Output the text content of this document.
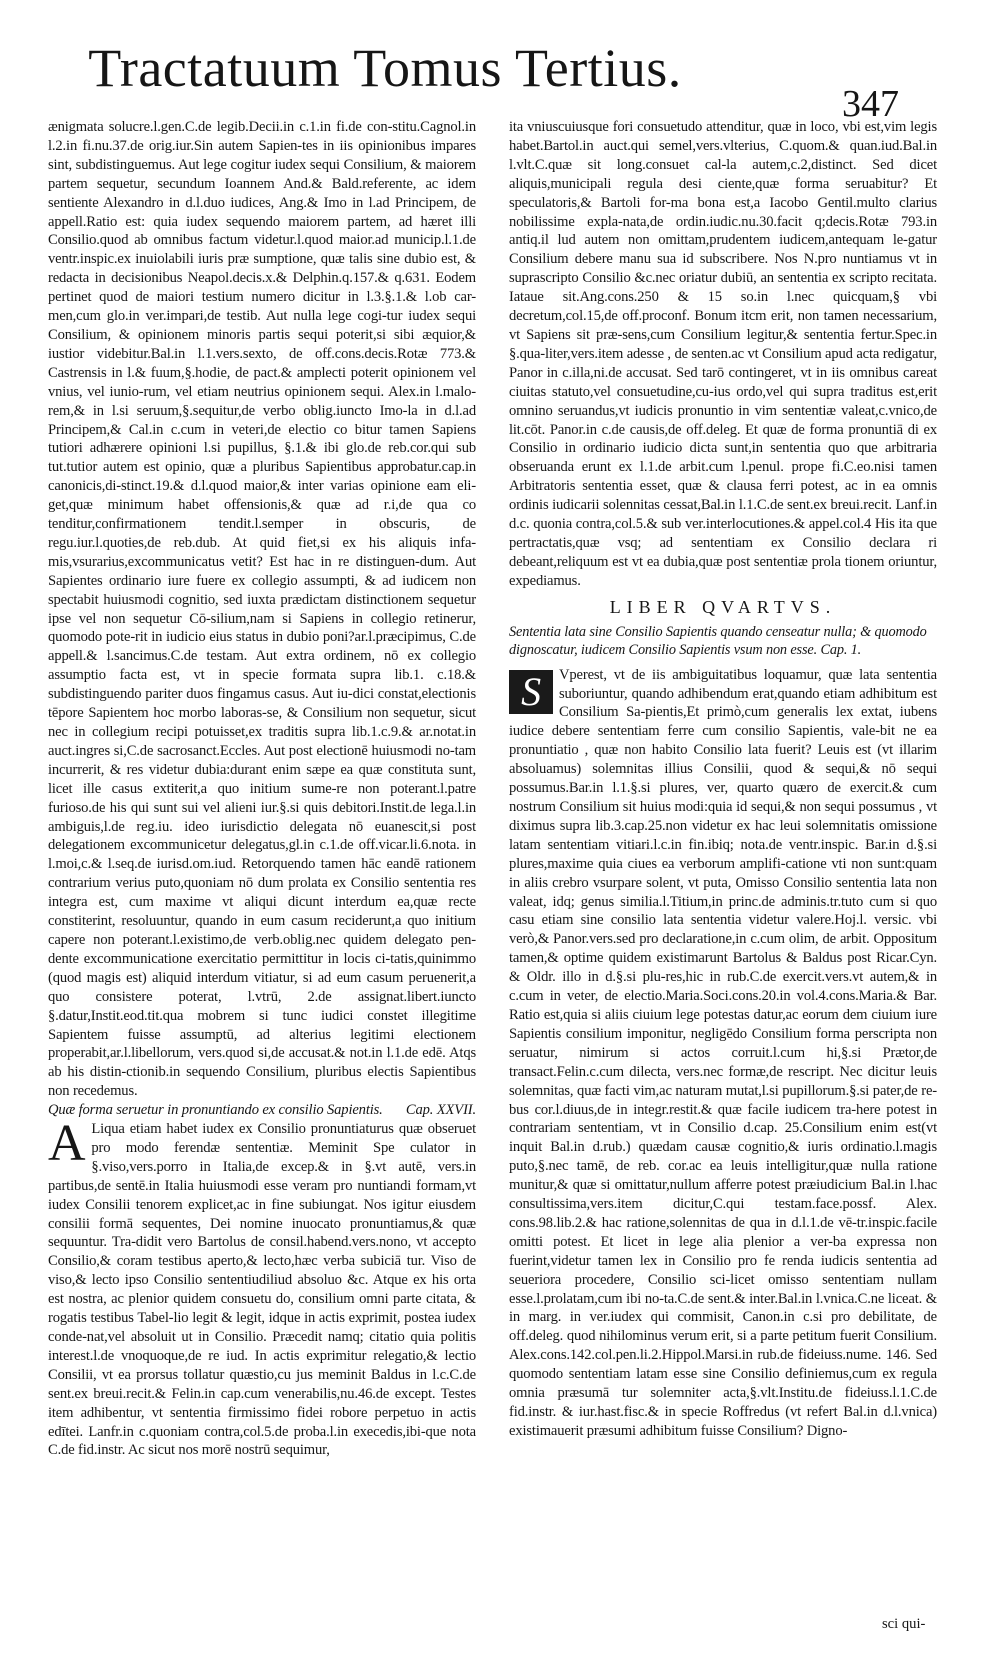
Tractatuum Tomus Tertius.
347

ænigmata solucre.l.gen.C.de legib.Decii.in c.1.in fi.de con-stitu.Cagnol.in l.2.in fi.nu.37.de orig.iur.Sin autem Sapien-tes in iis opinionibus impares sint, subdistinguemus. Aut lege cogitur iudex sequi Consilium, & maiorem partem sequetur, secundum Ioannem And.& Bald.referente, ac idem sentiente Alexandro in d.l.duo iudices, Ang.& Imo in l.ad Principem, de appell.Ratio est: quia iudex sequendo maiorem partem, ad hæret illi Consilio.quod ab omnibus factum videtur.l.quod maior.ad municip.l.1.de ventr.inspic.ex inuiolabili iuris præ sumptione, quæ talis sine dubio est, & redacta in decisionibus Neapol.decis.x.& Delphin.q.157.& q.631. Eodem pertinet quod de maiori testium numero dicitur in l.3.§.1.& l.ob car-men,cum glo.in ver.impari,de testib. Aut nulla lege cogi-tur iudex sequi Consilium, & opinionem minoris partis sequi poterit,si sibi æquior,& iustior videbitur.Bal.in l.1.vers.sexto, de off.cons.decis.Rotæ 773.& Castrensis in l.& fuum,§.hodie, de pact.& amplecti poterit opinionem vel vnius, vel iunio-rum, vel etiam neutrius opinionem sequi. Alex.in l.malo-rem,& in l.si seruum,§.sequitur,de verbo oblig.iuncto Imo-la in d.l.ad Principem,& Cal.in c.cum in veteri,de electio co bitur tamen Sapiens tutiori adhærere opinioni l.si pupillus, §.1.& ibi glo.de reb.cor.qui sub tut.tutior autem est opinio, quæ a pluribus Sapientibus approbatur.cap.in canonicis,di-stinct.19.& d.l.quod maior,& inter varias opinione eam eli-get,quæ minimum habet offensionis,& quæ ad r.i,de qua co tenditur,confirmationem tendit.l.semper in obscuris, de regu.iur.l.quoties,de reb.dub. At quid fiet,si ex his aliquis infa-mis,vsurarius,excommunicatus vetit? Est hac in re distinguen-dum. Aut Sapientes ordinario iure fuere ex collegio assumpti, & ad iudicem non spectabit huiusmodi cognitio, sed iuxta prædictam distinctionem sequetur ipse vel non sequetur Cō-silium,nam si Sapiens in collegio retinerur, quomodo pote-rit in iudicio eius status in dubio poni?ar.l.præcipimus, C.de appell.& l.sancimus.C.de testam. Aut extra ordinem, nō ex collegio assumptio facta est, vt in specie formata supra lib.1. c.18.& subdistinguendo pariter duos fingamus casus. Aut iu-dici constat,electionis tēpore Sapientem hoc morbo laboras-se, & Consilium non sequetur, sicut nec in collegium recipi potuisset,ex traditis supra lib.1.c.9.& ar.notat.in auct.ingres si,C.de sacrosanct.Eccles. Aut post electionē huiusmodi no-tam incurrerit, & res videtur dubia:durant enim sæpe ea quæ constituta sunt, licet ille casus extiterit,a quo initium sume-re non poterant.l.patre furioso.de his qui sunt sui vel alieni iur.§.si quis debitori.Instit.de lega.l.in ambiguis,l.de reg.iu. ideo iurisdictio delegata nō euanescit,si post delegationem excommunicetur delegatus,gl.in c.1.de off.vicar.li.6.nota. in l.moi,c.& l.seq.de iurisd.om.iud. Retorquendo tamen hāc eandē rationem contrarium verius puto,quoniam nō dum prolata ex Consilio sententia res integra est, cum maxime vt aliqui dicunt interdum ea,quæ recte constiterint, resoluuntur, quando in eum casum reciderunt,a quo initium capere non poterant.l.existimo,de verb.oblig.nec quidem delegato pen-dente excommunicatione exercitatio permittitur in locis ci-tatis,quinimmo (quod magis est) aliquid interdum vitiatur, si ad eum casum peruenerit,a quo consistere poterat, l.vtrū, 2.de assignat.libert.iuncto §.datur,Instit.eod.tit.qua mobrem si tunc iudici constet illegitime Sapientem fuisse assumptū, ad alterius legitimi electionem properabit,ar.l.libellorum, vers.quod si,de accusat.& not.in l.1.de edē. Atqs ab his distin-ctionib.in sequendo Consilium, pluribus electis Sapientibus non recedemus.

Quæ forma seruetur in pronuntiando ex consilio Sapientis. Cap. XXVII.

A Liqua etiam habet iudex ex Consilio pronuntiaturus quæ obseruet pro modo ferendæ sententiæ. Meminit Spe culator in §.viso,vers.porro in Italia,de excep.& in §.vt autē, vers.in partibus,de sentē.in Italia huiusmodi esse veram pro nuntiandi formam,vt iudex Consilii tenorem explicet,ac in fine subiungat. Nos igitur eiusdem consilii formā sequentes, Dei nomine inuocato pronuntiamus,& quæ sequuntur. Tra-didit vero Bartolus de consil.habend.vers.nono, vt accepto Consilio,& coram testibus aperto,& lecto,hæc verba subiciā tur. Viso de viso,& lecto ipso Consilio sententiudiliud absoluo &c. Atque ex his orta est nostra, ac plenior quidem consuetu do, consilium omni parte citata, & rogatis testibus Tabel-lio legit & legit, idque in actis exprimit, postea iudex conde-nat,vel absoluit ut in Consilio. Præcedit namq; citatio quia politis interest.l.de vnoquoque,de re iud. In actis exprimitur relegatio,& lectio Consilii, vt ea prorsus tollatur quæstio,cu jus meminit Baldus in l.c.C.de sent.ex breui.recit.& Felin.in cap.cum venerabilis,nu.46.de except. Testes item adhibentur, vt sententia firmissimo fidei robore perpetuo in actis edītei. Lanfr.in c.quoniam contra,col.5.de proba.l.in execedis,ibi-que nota C.de fid.instr. Ac sicut nos morē nostrū sequimur,

ita vniuscuiusque fori consuetudo attenditur, quæ in loco, vbi est,vim legis habet.Bartol.in auct.qui semel,vers.vlterius, C.quom.& quan.iud.Bal.in l.vlt.C.quæ sit long.consuet cal-la autem,c.2,distinct. Sed dicet aliquis,municipali regula desi ciente,quæ forma seruabitur? Et speculatoris,& Bartoli for-ma bona est,a Iacobo Gentil.multo clarius nobilissime expla-nata,de ordin.iudic.nu.30.facit q;decis.Rotæ 793.in antiq.il lud autem non omittam,prudentem iudicem,antequam le-gatur Consilium debere manu sua id subscribere. Nos N.pro nuntiamus vt in suprascripto Consilio &c.nec oriatur dubiū, an sententia ex scripto recitata. Iataue sit.Ang.cons.250 & 15 so.in l.nec quicquam,§ vbi decretum,col.15,de off.proconf. Bonum itcm erit, non tamen necessarium, vt Sapiens sit præ-sens,cum Consilium legitur,& sententia fertur.Spec.in §.qua-liter,vers.item adesse , de senten.ac vt Consilium apud acta redigatur, Panor in c.illa,ni.de accusat. Sed tarō contingeret, vt in iis omnibus careat ciuitas statuto,vel consuetudine,cu-ius ordo,vel qui supra traditus est,erit omnino seruandus,vt iudicis pronuntio in vim sententiæ valeat,c.vnico,de lit.cōt. Panor.in c.de causis,de off.deleg. Et quæ de forma pronuntiā di ex Consilio in ordinario iudicio dicta sunt,in sententia quo que arbitraria obseruanda erunt ex l.1.de arbit.cum l.penul. prope fi.C.eo.nisi tamen Arbitratoris sententia esset, quæ & clausa ferri potest, ac in ea omnis ordinis iudicarii solennitas cessat,Bal.in l.1.C.de sent.ex breui.recit. Lanf.in d.c. quonia contra,col.5.& sub ver.interlocutiones.& appel.col.4 His ita que pertractatis,quæ vsq; ad sententiam ex Consilio declara ri debeant,reliquum est vt ea dubia,quæ post sententiæ prola tionem oriuntur, expediamus.

LIBER QVARTVS.
Sententia lata sine Consilio Sapientis quando censeatur nulla; & quomodo dignoscatur, iudicem Consilio Sapientis vsum non esse. Cap. 1.

S	Vperest, vt de iis ambiguitatibus loquamur, quæ lata sententia suboriuntur, quando adhibendum erat,quando etiam adhibitum est Consilium Sa-pientis,Et primò,cum generalis lex extat, iubens iudice debere sententiam ferre cum consilio Sapientis, vale-bit ne ea pronuntiatio , quæ non habito Consilio lata fuerit? Leuis est (vt illarim absoluamus) solemnitas illius Consilii, quod & sequi,& nō sequi possumus.Bar.in l.1.§.si plures, ver, quarto quæro de exercit.& cum nostrum Consilium sit huius modi:quia id sequi,& non sequi possumus , vt diximus supra lib.3.cap.25.non videtur ex hac leui solemnitatis omissione latam sententiam vitiari.l.c.in fin.ibiq; nota.de ventr.inspic. Bar.in d.§.si plures,maxime quia ciues ea verborum amplifi-catione vti non sunt:quam in aliis crebro vsurpare solent, vt puta, Omisso Consilio sententia lata non valeat, idq; genus similia.l.Titium,in princ.de adminis.tr.tuto cum si quo casu etiam sine consilio lata sententia videtur valere.Hoj.l. versic. vbi verò,& Panor.vers.sed pro declaratione,in c.cum olim, de arbit. Oppositum tamen,& optime quidem existimarunt Bartolus & Baldus post Ricar.Cyn. & Oldr. illo in d.§.si plu-res,hic in rub.C.de exercit.vers.vt autem,& in c.cum in veter, de electio.Maria.Soci.cons.20.in vol.4.cons.Maria.& Bar. Ratio est,quia si aliis ciuium lege potestas datur,ac eorum dem ciuium iure Sapientis consilium imponitur, negligēdo Consilium forma perscripta non seruatur, nimirum si actos corruit.l.cum hi,§.si Prætor,de transact.Felin.c.cum dilecta, vers.nec formæ,de rescript. Nec dicitur leuis solemnitas, quæ facti vim,ac naturam mutat,l.si pupillorum.§.si pater,de re-bus cor.l.diuus,de in integr.restit.& quæ facile iudicem tra-here potest in contrariam sententiam, vt in Consilio d.cap. 25.Consilium enim est(vt inquit Bal.in d.rub.) quædam causæ cognitio,& iuris ordinatio.l.magis puto,§.nec tamē, de reb. cor.ac ea leuis intelligitur,quæ nulla ratione munitur,& quæ si omittatur,nullum afferre potest præiudicium Bal.in l.hac consultissima,vers.item dicitur,C.qui testam.face.possf. Alex. cons.98.lib.2.& hac ratione,solennitas de qua in d.l.1.de vē-tr.inspic.facile omitti potest. Et licet in lege alia plenior a ver-ba expressa non fuerint,videtur tamen lex in Consilio pro fe renda iudicis sententia ad seueriora procedere, Consilio sci-licet omisso sententiam nullam esse.l.prolatam,cum ibi no-ta.C.de sent.& inter.Bal.in l.vnica.C.ne liceat. & in marg. in ver.iudex qui commisit, Canon.in c.si pro debilitate, de off.deleg. quod nihilominus verum erit, si a parte petitum fuerit Consilium. Alex.cons.142.col.pen.li.2.Hippol.Marsi.in rub.de fideiuss.nume. 146. Sed quomodo sententiam latam esse sine Consilio definiemus,cum ex regula omnia præsumā tur solemniter acta,§.vlt.Institu.de fideiuss.l.1.C.de fid.instr. & iur.hast.fisc.& in specie Roffredus (vt refert Bal.in d.l.vnica) existimauerit præsumi adhibitum fuisse Consilium? Digno-

sci qui-
